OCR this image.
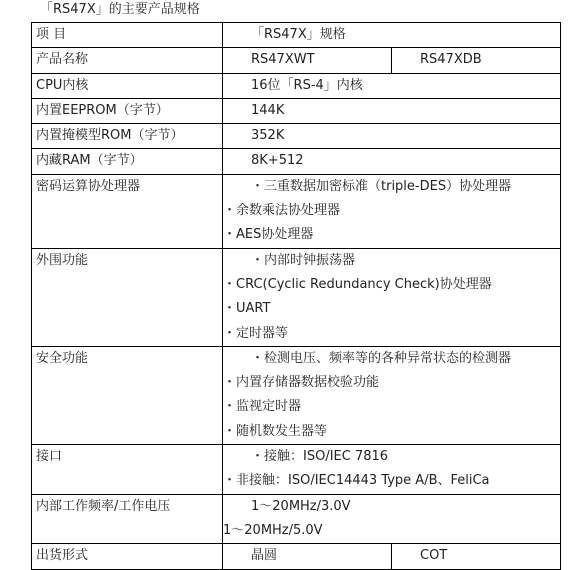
「RS47X」的主要产品规格
项 目	「RS47X」规格	

产品名称	RS47XWT	RS47XDB

CPU内核	16位「RS-4」内核	

内置EEPROM（字节）	144K	

内置掩模型ROM（字节）	352K	

内藏RAM（字节）	8K+512	

密码运算协处理器	・三重数据加密标准（triple-DES）协处理器
・余数乘法协处理器
・AES协处理器	

外围功能	・内部时钟振荡器
・CRC(Cyclic Redundancy Check)协处理器
・UART
・定时器等	

安全功能	・检测电压、频率等的各种异常状态的检测器
・内置存储器数据校验功能
・监视定时器
・随机数发生器等	

接口	・接触：ISO/IEC 7816
・非接触：ISO/IEC14443 Type A/B、FeliCa	

内部工作频率/工作电压	1～20MHz/3.0V
1～20MHz/5.0V	

出货形式	晶圆	COT
